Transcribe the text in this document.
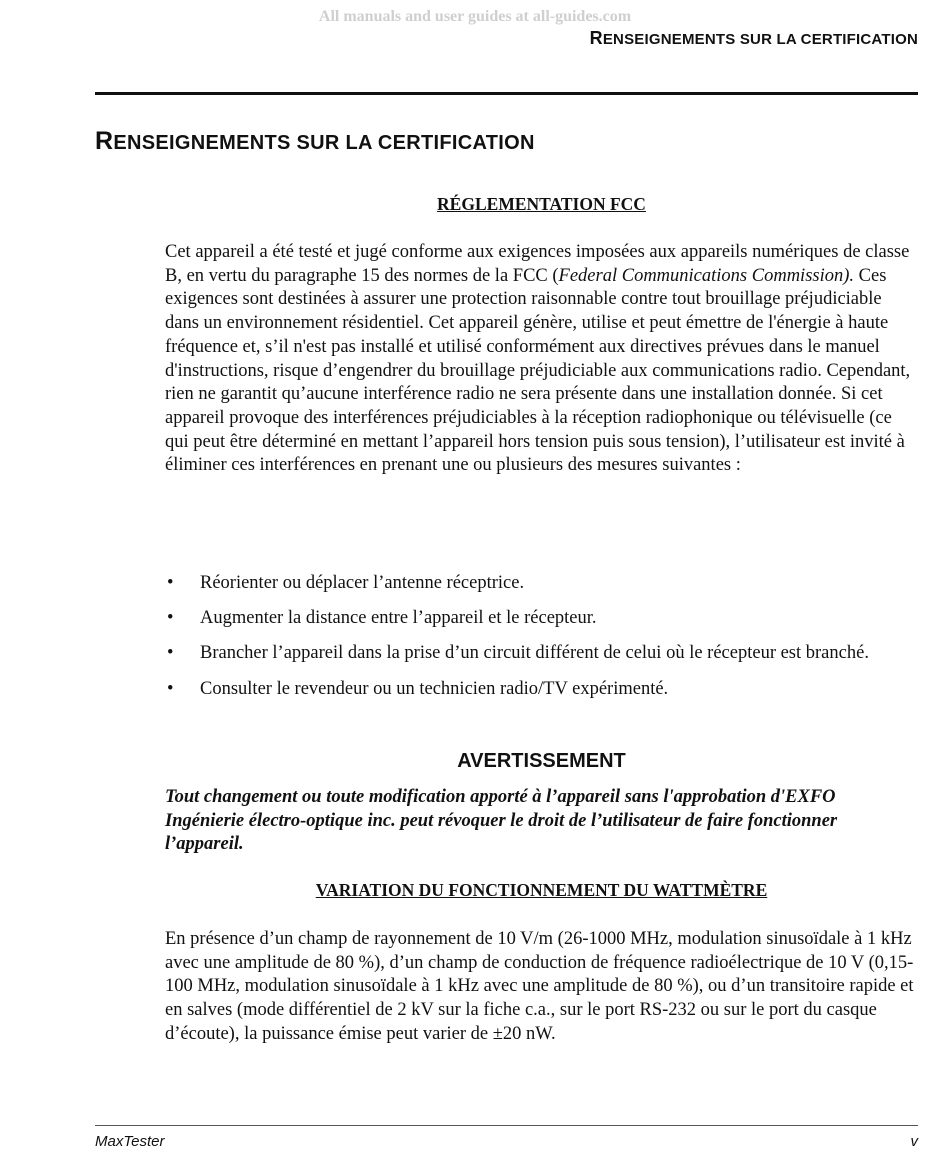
All manuals and user guides at all-guides.com
RENSEIGNEMENTS SUR LA CERTIFICATION
RENSEIGNEMENTS SUR LA CERTIFICATION
RÉGLEMENTATION FCC

Cet appareil a été testé et jugé conforme aux exigences imposées aux appareils numériques de classe B, en vertu du paragraphe 15 des normes de la FCC (Federal Communications Commission). Ces exigences sont destinées à assurer une protection raisonnable contre tout brouillage préjudiciable dans un environnement résidentiel. Cet appareil génère, utilise et peut émettre de l'énergie à haute fréquence et, s’il n'est pas installé et utilisé conformément aux directives prévues dans le manuel d'instructions, risque d’engendrer du brouillage préjudiciable aux communications radio. Cependant, rien ne garantit qu’aucune interférence radio ne sera présente dans une installation donnée. Si cet appareil provoque des interférences préjudiciables à la réception radiophonique ou télévisuelle (ce qui peut être déterminé en mettant l’appareil hors tension puis sous tension), l’utilisateur est invité à éliminer ces interférences en prenant une ou plusieurs des mesures suivantes :

• Réorienter ou déplacer l’antenne réceptrice.
• Augmenter la distance entre l’appareil et le récepteur.
• Brancher l’appareil dans la prise d’un circuit différent de celui où le récepteur est branché.
• Consulter le revendeur ou un technicien radio/TV expérimenté.
AVERTISSEMENT

Tout changement ou toute modification apporté à l’appareil sans l'approbation d'EXFO Ingénierie électro-optique inc. peut révoquer le droit de l’utilisateur de faire fonctionner l’appareil.

VARIATION DU FONCTIONNEMENT DU WATTMÈTRE

En présence d’un champ de rayonnement de 10 V/m (26-1000 MHz, modulation sinusoïdale à 1 kHz avec une amplitude de 80 %), d’un champ de conduction de fréquence radioélectrique de 10 V (0,15-100 MHz, modulation sinusoïdale à 1 kHz avec une amplitude de 80 %), ou d’un transitoire rapide et en salves (mode différentiel de 2 kV sur la fiche c.a., sur le port RS-232 ou sur le port du casque d’écoute), la puissance émise peut varier de ±20 nW.

MaxTester	v
